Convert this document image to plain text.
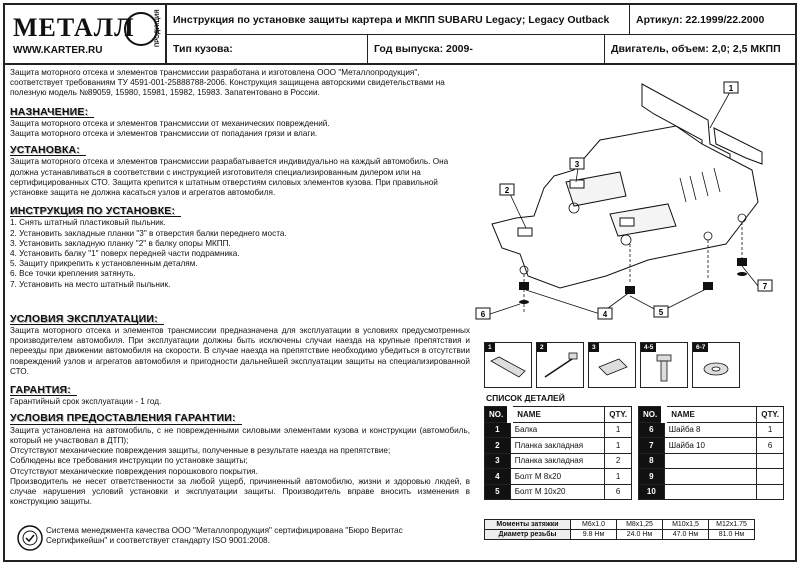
МЕТАЛЛ	ПРОДУКЦИЯ
WWW.KARTER.RU
Инструкция по установке защиты картера и МКПП SUBARU Legacy; Legacy Outback	Артикул: 22.1999/22.2000
Тип кузова:	Год выпуска: 2009-	Двигатель, объем: 2,0; 2,5 МКПП
Защита моторного отсека и элементов трансмиссии разработана и изготовлена ООО "Металлопродукция", соответствует требованиям ТУ 4591-001-25888788-2006. Конструкция защищена авторскими свидетельствами на полезную модель №89059, 15980, 15981, 15982, 15983. Запатентовано в России.
НАЗНАЧЕНИЕ:
Защита моторного отсека и элементов трансмиссии от механических повреждений.
Защита моторного отсека и элементов трансмиссии от попадания грязи и влаги.
УСТАНОВКА:
Защита моторного отсека и элементов трансмиссии разрабатывается индивидуально на каждый автомобиль. Она должна устанавливаться в соответствии с инструкцией изготовителя специализированным дилером или на сертифицированных СТО. Защита крепится к штатным отверстиям силовых элементов кузова. При правильной установке защита не должна касаться узлов и агрегатов автомобиля.
ИНСТРУКЦИЯ ПО УСТАНОВКЕ:
1. Снять штатный пластиковый пыльник.
2. Установить закладные планки "3" в отверстия балки переднего моста.
3. Установить закладную планку "2" в балку опоры МКПП.
4. Установить балку "1" поверх передней части подрамника.
5. Защиту прикрепить к установленным деталям.
6. Все точки крепления затянуть.
7. Установить на место штатный пыльник.
УСЛОВИЯ ЭКСПЛУАТАЦИИ:
Защита моторного отсека и элементов трансмиссии предназначена для эксплуатации в условиях предусмотренных производителем автомобиля. При эксплуатации должны быть исключены случаи наезда на крупные препятствия и переезды при движении автомобиля на скорости. В случае наезда на препятствие необходимо убедиться в отсутствии повреждений узлов и агрегатов автомобиля и пригодности дальнейшей эксплуатации защиты на специализированной СТО.
ГАРАНТИЯ:
Гарантийный срок эксплуатации - 1 год.
УСЛОВИЯ ПРЕДОСТАВЛЕНИЯ ГАРАНТИИ:
Защита установлена на автомобиль, с не поврежденными силовыми элементами кузова и конструкции (автомобиль, который не участвовал в ДТП);
Отсутствуют механические повреждения защиты, полученные в результате наезда на препятствие;
Соблюдены все требования инструкции по установке защиты;
Отсутствуют механические повреждения порошкового покрытия.
Производитель не несет ответственности за любой ущерб, причиненный автомобилю, жизни и здоровью людей, в случае нарушения условий установки и эксплуатации защиты. Производитель вправе вносить изменения в конструкцию защиты.
1
2
3
4	5
6
7
1	2	3	4-5	6-7
СПИСОК ДЕТАЛЕЙ
NO.	NAME	QTY.
1	Балка	1
2	Планка закладная	1
3	Планка закладная	2
4	Болт М 8х20	1
5	Болт М 10х20	6
NO.	NAME	QTY.
6	Шайба 8	1
7	Шайба 10	6
8		
9		
10		
Моменты затяжки	M6х1.0	M8х1,25	M10х1,5	M12х1.75
Диаметр резьбы	9.8 Нм	24.0 Нм	47.0 Нм	81.0 Нм
Система менеджмента качества ООО "Металлопродукция" сертифицирована "Бюро Веритас
Сертификейшн" и соответствует стандарту ISO 9001:2008.
